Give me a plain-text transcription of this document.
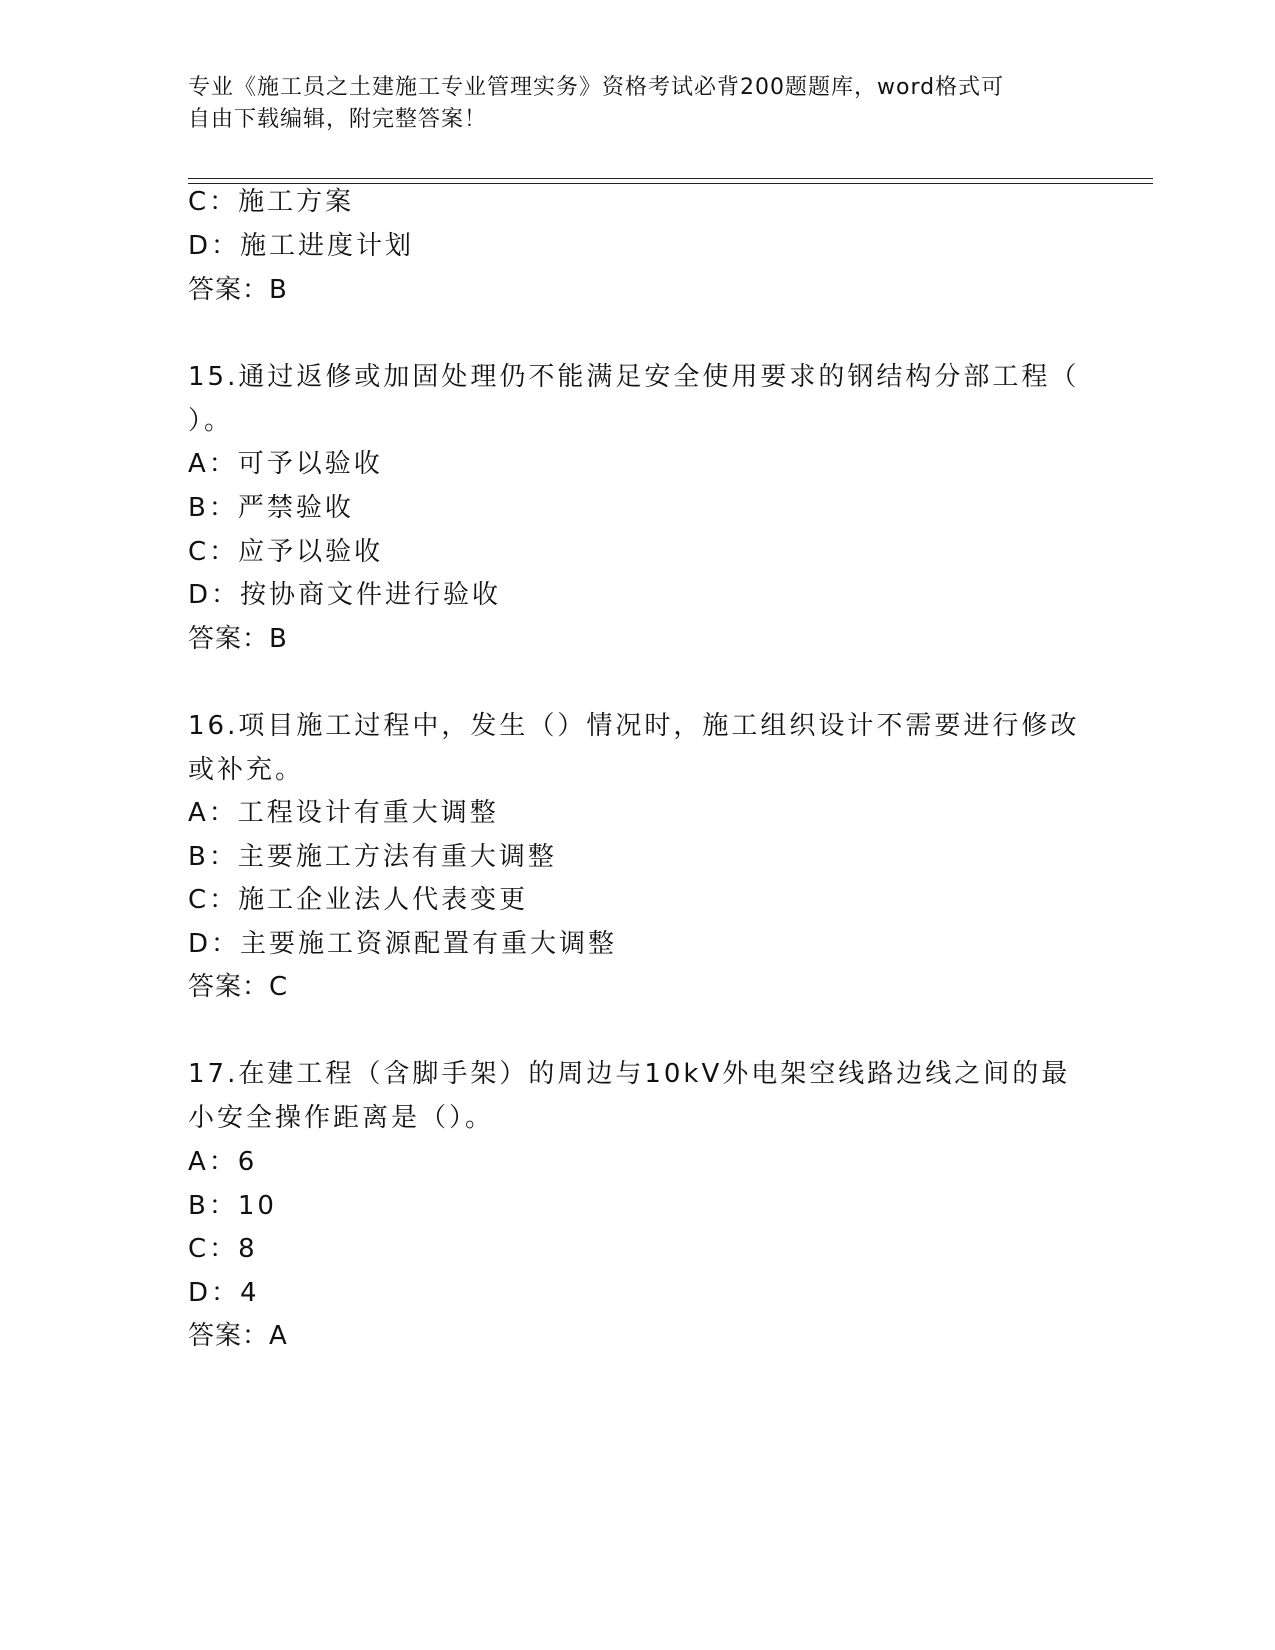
专业《施工员之土建施工专业管理实务》资格考试必背200题题库，word格式可
自由下载编辑，附完整答案！
C：施工方案
D：施工进度计划
答案：B
15.通过返修或加固处理仍不能满足安全使用要求的钢结构分部工程（
）。
A：可予以验收
B：严禁验收
C：应予以验收
D：按协商文件进行验收
答案：B
16.项目施工过程中，发生（）情况时，施工组织设计不需要进行修改
或补充。
A：工程设计有重大调整
B：主要施工方法有重大调整
C：施工企业法人代表变更
D：主要施工资源配置有重大调整
答案：C
17.在建工程（含脚手架）的周边与10kV外电架空线路边线之间的最
小安全操作距离是（）。
A：6
B：10
C：8
D：4
答案：A
